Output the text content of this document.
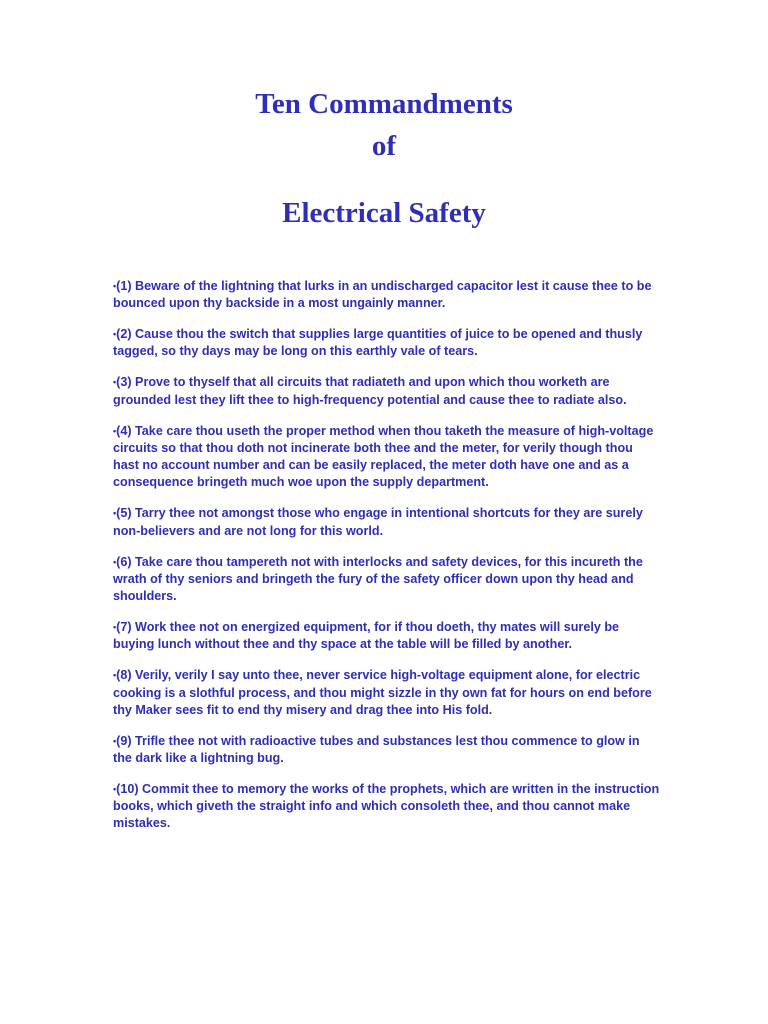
Ten Commandments

of

Electrical Safety

•(1) Beware of the lightning that lurks in an undischarged capacitor lest it cause thee to be bounced upon thy backside in a most ungainly manner.
•(2) Cause thou the switch that supplies large quantities of juice to be opened and thusly tagged, so thy days may be long on this earthly vale of tears.
•(3) Prove to thyself that all circuits that radiateth and upon which thou worketh are grounded lest they lift thee to high-frequency potential and cause thee to radiate also.
•(4) Take care thou useth the proper method when thou taketh the measure of high-voltage circuits so that thou doth not incinerate both thee and the meter, for verily though thou hast no account number and can be easily replaced, the meter doth have one and as a consequence bringeth much woe upon the supply department.
•(5) Tarry thee not amongst those who engage in intentional shortcuts for they are surely non-believers and are not long for this world.
•(6) Take care thou tampereth not with interlocks and safety devices, for this incureth the wrath of thy seniors and bringeth the fury of the safety officer down upon thy head and shoulders.
•(7) Work thee not on energized equipment, for if thou doeth, thy mates will surely be buying lunch without thee and thy space at the table will be filled by another.
•(8) Verily, verily I say unto thee, never service high-voltage equipment alone, for electric cooking is a slothful process, and thou might sizzle in thy own fat for hours on end before thy Maker sees fit to end thy misery and drag thee into His fold.
•(9) Trifle thee not with radioactive tubes and substances lest thou commence to glow in the dark like a lightning bug.
•(10) Commit thee to memory the works of the prophets, which are written in the instruction books, which giveth the straight info and which consoleth thee, and thou cannot make mistakes.
